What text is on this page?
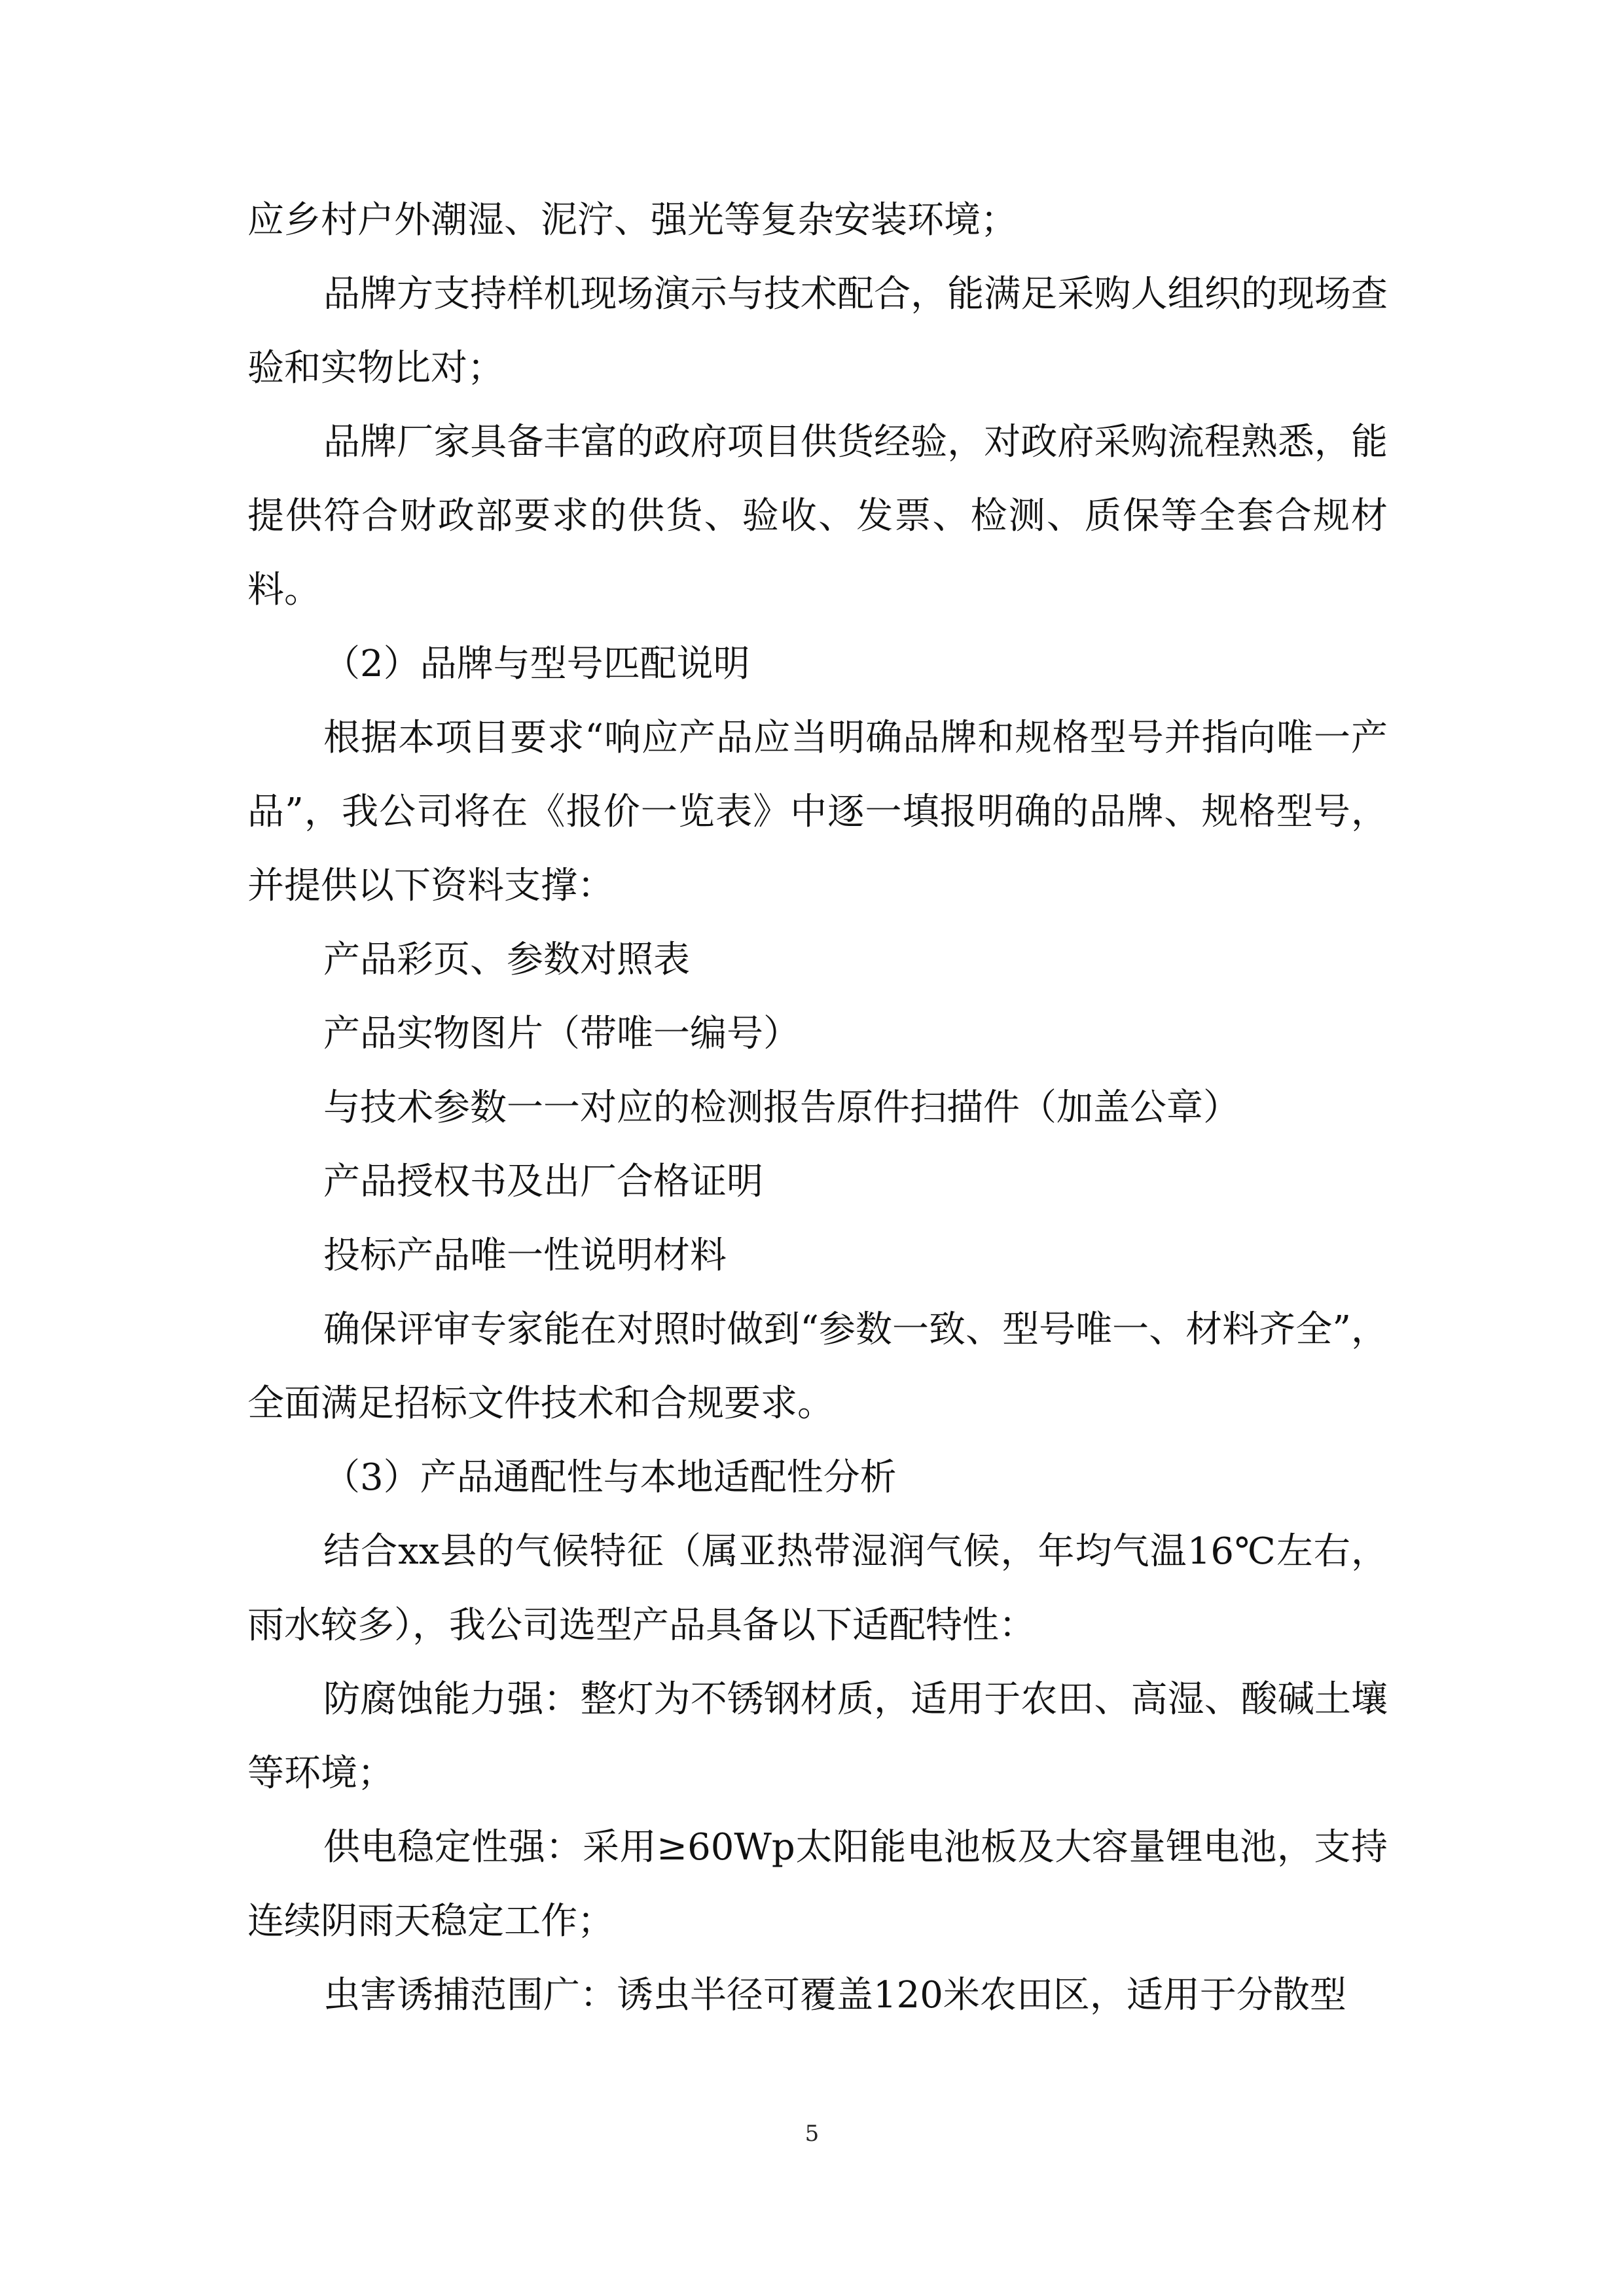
应乡村户外潮湿、泥泞、强光等复杂安装环境；

品牌方支持样机现场演示与技术配合，能满足采购人组织的现场查验和实物比对；

品牌厂家具备丰富的政府项目供货经验，对政府采购流程熟悉，能提供符合财政部要求的供货、验收、发票、检测、质保等全套合规材料。

（2）品牌与型号匹配说明

根据本项目要求“响应产品应当明确品牌和规格型号并指向唯一产品”，我公司将在《报价一览表》中逐一填报明确的品牌、规格型号，并提供以下资料支撑：

产品彩页、参数对照表

产品实物图片（带唯一编号）

与技术参数一一对应的检测报告原件扫描件（加盖公章）

产品授权书及出厂合格证明

投标产品唯一性说明材料

确保评审专家能在对照时做到“参数一致、型号唯一、材料齐全”，全面满足招标文件技术和合规要求。

（3）产品通配性与本地适配性分析

结合xx县的气候特征（属亚热带湿润气候，年均气温16℃左右，雨水较多），我公司选型产品具备以下适配特性：

防腐蚀能力强：整灯为不锈钢材质，适用于农田、高湿、酸碱土壤等环境；

供电稳定性强：采用≥60Wp太阳能电池板及大容量锂电池，支持连续阴雨天稳定工作；

虫害诱捕范围广：诱虫半径可覆盖120米农田区，适用于分散型

5
